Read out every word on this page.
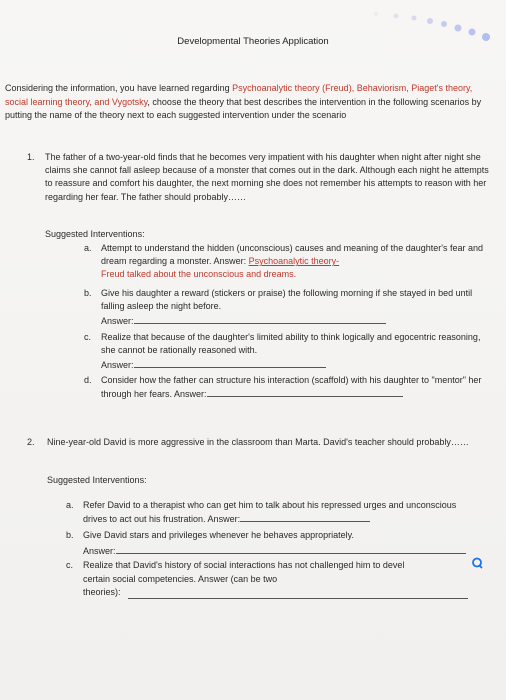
Developmental Theories Application
Considering the information, you have learned regarding Psychoanalytic theory (Freud), Behaviorism, Piaget's theory, social learning theory, and Vygotsky, choose the theory that best describes the intervention in the following scenarios by putting the name of the theory next to each suggested intervention under the scenario
1. The father of a two-year-old finds that he becomes very impatient with his daughter when night after night she claims she cannot fall asleep because of a monster that comes out in the dark. Although each night he attempts to reassure and comfort his daughter, the next morning she does not remember his attempts to reason with her regarding her fear. The father should probably……
Suggested Interventions:
a. Attempt to understand the hidden (unconscious) causes and meaning of the daughter's fear and dream regarding a monster. Answer: Psychoanalytic theory-
Freud talked about the unconscious and dreams.
b. Give his daughter a reward (stickers or praise) the following morning if she stayed in bed until falling asleep the night before.
Answer:
c. Realize that because of the daughter's limited ability to think logically and egocentric reasoning, she cannot be rationally reasoned with.
Answer:
d. Consider how the father can structure his interaction (scaffold) with his daughter to "mentor" her through her fears. Answer:
2. Nine-year-old David is more aggressive in the classroom than Marta. David's teacher should probably……
Suggested Interventions:
a. Refer David to a therapist who can get him to talk about his repressed urges and unconscious drives to act out his frustration. Answer:
b. Give David stars and privileges whenever he behaves appropriately.
Answer:
c. Realize that David's history of social interactions has not challenged him to devel
certain social competencies. Answer (can be two theories):
